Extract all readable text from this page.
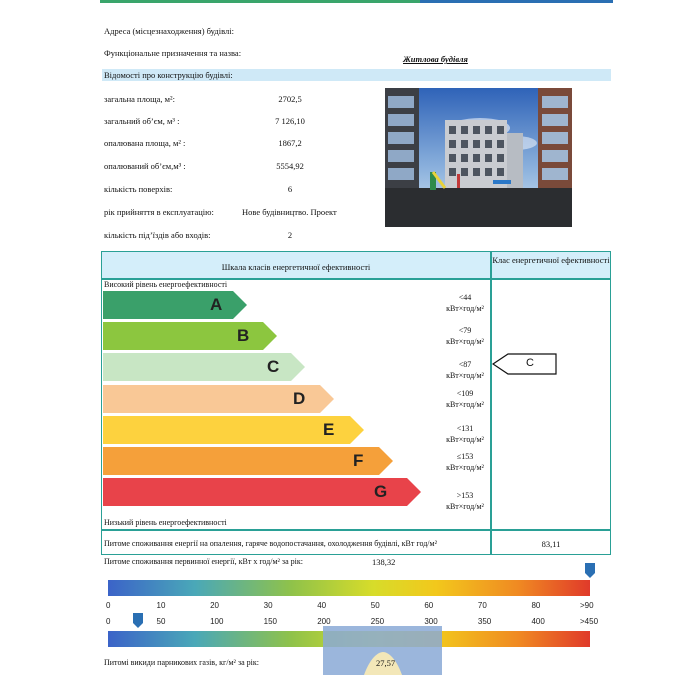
Адреса (місцезнаходження) будівлі:
Функціональне призначення та назва:
Житлова будівля
Відомості про конструкцію будівлі:
загальна площа, м²:	2702,5
загальний об’єм, м³ :	7 126,10
опалювана площа, м² :	1867,2
опалюваний об’єм,м³ :	5554,92
кількість поверхів:	6
рік прийняття в експлуатацію:	Нове будівництво. Проект
кількість під’їздів або входів:	2
Шкала класів енергетичної ефективності
Клас енергетичної ефективності
Високий рівень енергоефективності
Низький рівень енергоефективності
A
B
C
D
E
F
G
<44
кВт×год/м²
<79
кВт×год/м²
<87
кВт×год/м²
<109
кВт×год/м²
<131
кВт×год/м²
≤153
кВт×год/м²
>153
кВт×год/м²
C
Питоме споживання енергії на опалення, гаряче водопостачання, охолодження будівлі, кВт год/м²	83,11
Питоме споживання первинної енергії, кВт х год/м² за рік:	138,32
0	10	20	30	40	50	60	70	80	>90
0	50	100	150	200	250	300	350	400	>450
Питомі викиди парникових газів, кг/м² за рік:	27,57
